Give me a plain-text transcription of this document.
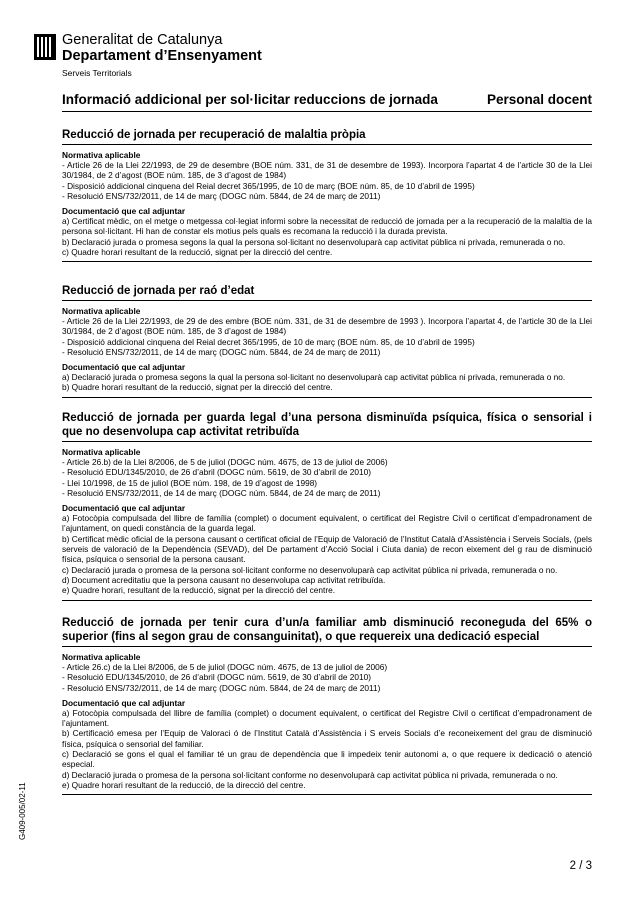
Generalitat de Catalunya
Departament d’Ensenyament
Serveis Territorials
Informació addicional per sol·licitar reduccions de jornada	Personal docent
Reducció de jornada per recuperació de malaltia pròpia
Normativa aplicable
- Article 26 de la Llei 22/1993, de 29 de desembre (BOE núm. 331, de 31 de desembre de 1993). Incorpora l’apartat 4 de l’article 30 de la Llei 30/1984, de 2 d’agost (BOE núm. 185, de 3 d’agost de 1984)
- Disposició addicional cinquena del Reial decret 365/1995, de 10 de març (BOE núm. 85, de 10 d’abril de 1995)
- Resolució ENS/732/2011, de 14 de març (DOGC núm. 5844, de 24 de març de 2011)
Documentació que cal adjuntar
a) Certificat mèdic, on el metge o metgessa col·legiat informi sobre la necessitat de reducció de jornada per a la recuperació de la malaltia de la persona sol·licitant. Hi han de constar els motius pels quals es recomana la reducció i la durada prevista.
b) Declaració jurada o promesa segons la qual la persona sol·licitant no desenvoluparà cap activitat pública ni privada, remunerada o no.
c) Quadre horari resultant de la reducció, signat per la direcció del centre.
Reducció de jornada per raó d’edat
Normativa aplicable
- Article 26 de la Llei 22/1993, de 29 de des embre (BOE núm. 331, de 31 de desembre de 1993 ). Incorpora l’apartat 4, de l’article 30 de la Llei 30/1984, de 2 d’agost (BOE núm. 185, de 3 d’agost de 1984)
- Disposició addicional cinquena del Reial decret 365/1995, de 10 de març (BOE núm. 85, de 10 d’abril de 1995)
- Resolució ENS/732/2011, de 14 de març (DOGC núm. 5844, de 24 de març de 2011)
Documentació que cal adjuntar
a) Declaració jurada o promesa segons la qual la persona sol·licitant no desenvoluparà cap activitat pública ni privada, remunerada o no.
b) Quadre horari resultant de la reducció, signat per la direcció del centre.
Reducció de jornada per guarda legal d’una persona disminuïda psíquica, física o sensorial i que no desenvolupa cap activitat retribuïda
Normativa aplicable
- Article 26.b) de la Llei 8/2006, de 5 de juliol (DOGC núm. 4675, de 13 de juliol de 2006)
- Resolució EDU/1345/2010, de 26 d’abril (DOGC núm. 5619, de 30 d’abril de 2010)
- Llei 10/1998, de 15 de juliol (BOE núm. 198, de 19 d’agost de 1998)
- Resolució ENS/732/2011, de 14 de març (DOGC núm. 5844, de 24 de març de 2011)
Documentació que cal adjuntar
a) Fotocòpia compulsada del llibre de família (complet) o document equivalent, o certificat del Registre Civil o certificat d’empadronament de l’ajuntament, on quedi constància de la guarda legal.
b) Certificat mèdic oficial de la persona causant o certificat oficial de l’Equip de Valoració de l’Institut Català d’Assistència i Serveis Socials, (pels serveis de valoració de la Dependència (SEVAD), del De partament d’Acció Social i Ciuta dania) de recon eixement del g rau de disminució física, psíquica o sensorial de la persona causant.
c) Declaració jurada o promesa de la persona sol·licitant conforme no desenvoluparà cap activitat pública ni privada, remunerada o no.
d) Document acreditatiu que la persona causant no desenvolupa cap activitat retribuïda.
e) Quadre horari, resultant de la reducció, signat per la direcció del centre.
Reducció de jornada per tenir cura d’un/a familiar amb disminució reconeguda del 65% o superior (fins al segon grau de consanguinitat), o que requereix una dedicació especial
Normativa aplicable
- Article 26.c) de la Llei 8/2006, de 5 de juliol (DOGC núm. 4675, de 13 de juliol de 2006)
- Resolució EDU/1345/2010, de 26 d’abril (DOGC núm. 5619, de 30 d’abril de 2010)
- Resolució ENS/732/2011, de 14 de març (DOGC núm. 5844, de 24 de març de 2011)
Documentació que cal adjuntar
a) Fotocòpia compulsada del llibre de família (complet) o document equivalent, o certificat del Registre Civil o certificat d’empadronament de l’ajuntament.
b) Certificació emesa per l’Equip de Valoraci ó de l’Institut Català d’Assistència i S erveis Socials d’e reconeixement del grau de disminució física, psíquica o sensorial del familiar.
c) Declaració se gons el qual el familiar té un grau de dependència que li impedeix tenir autonomi a, o que requere ix dedicació o atenció especial.
d) Declaració jurada o promesa de la persona sol·licitant conforme no desenvoluparà cap activitat pública ni privada, remunerada o no.
e) Quadre horari resultant de la reducció, de la direcció del centre.
G409-005/02-11
2 / 3
